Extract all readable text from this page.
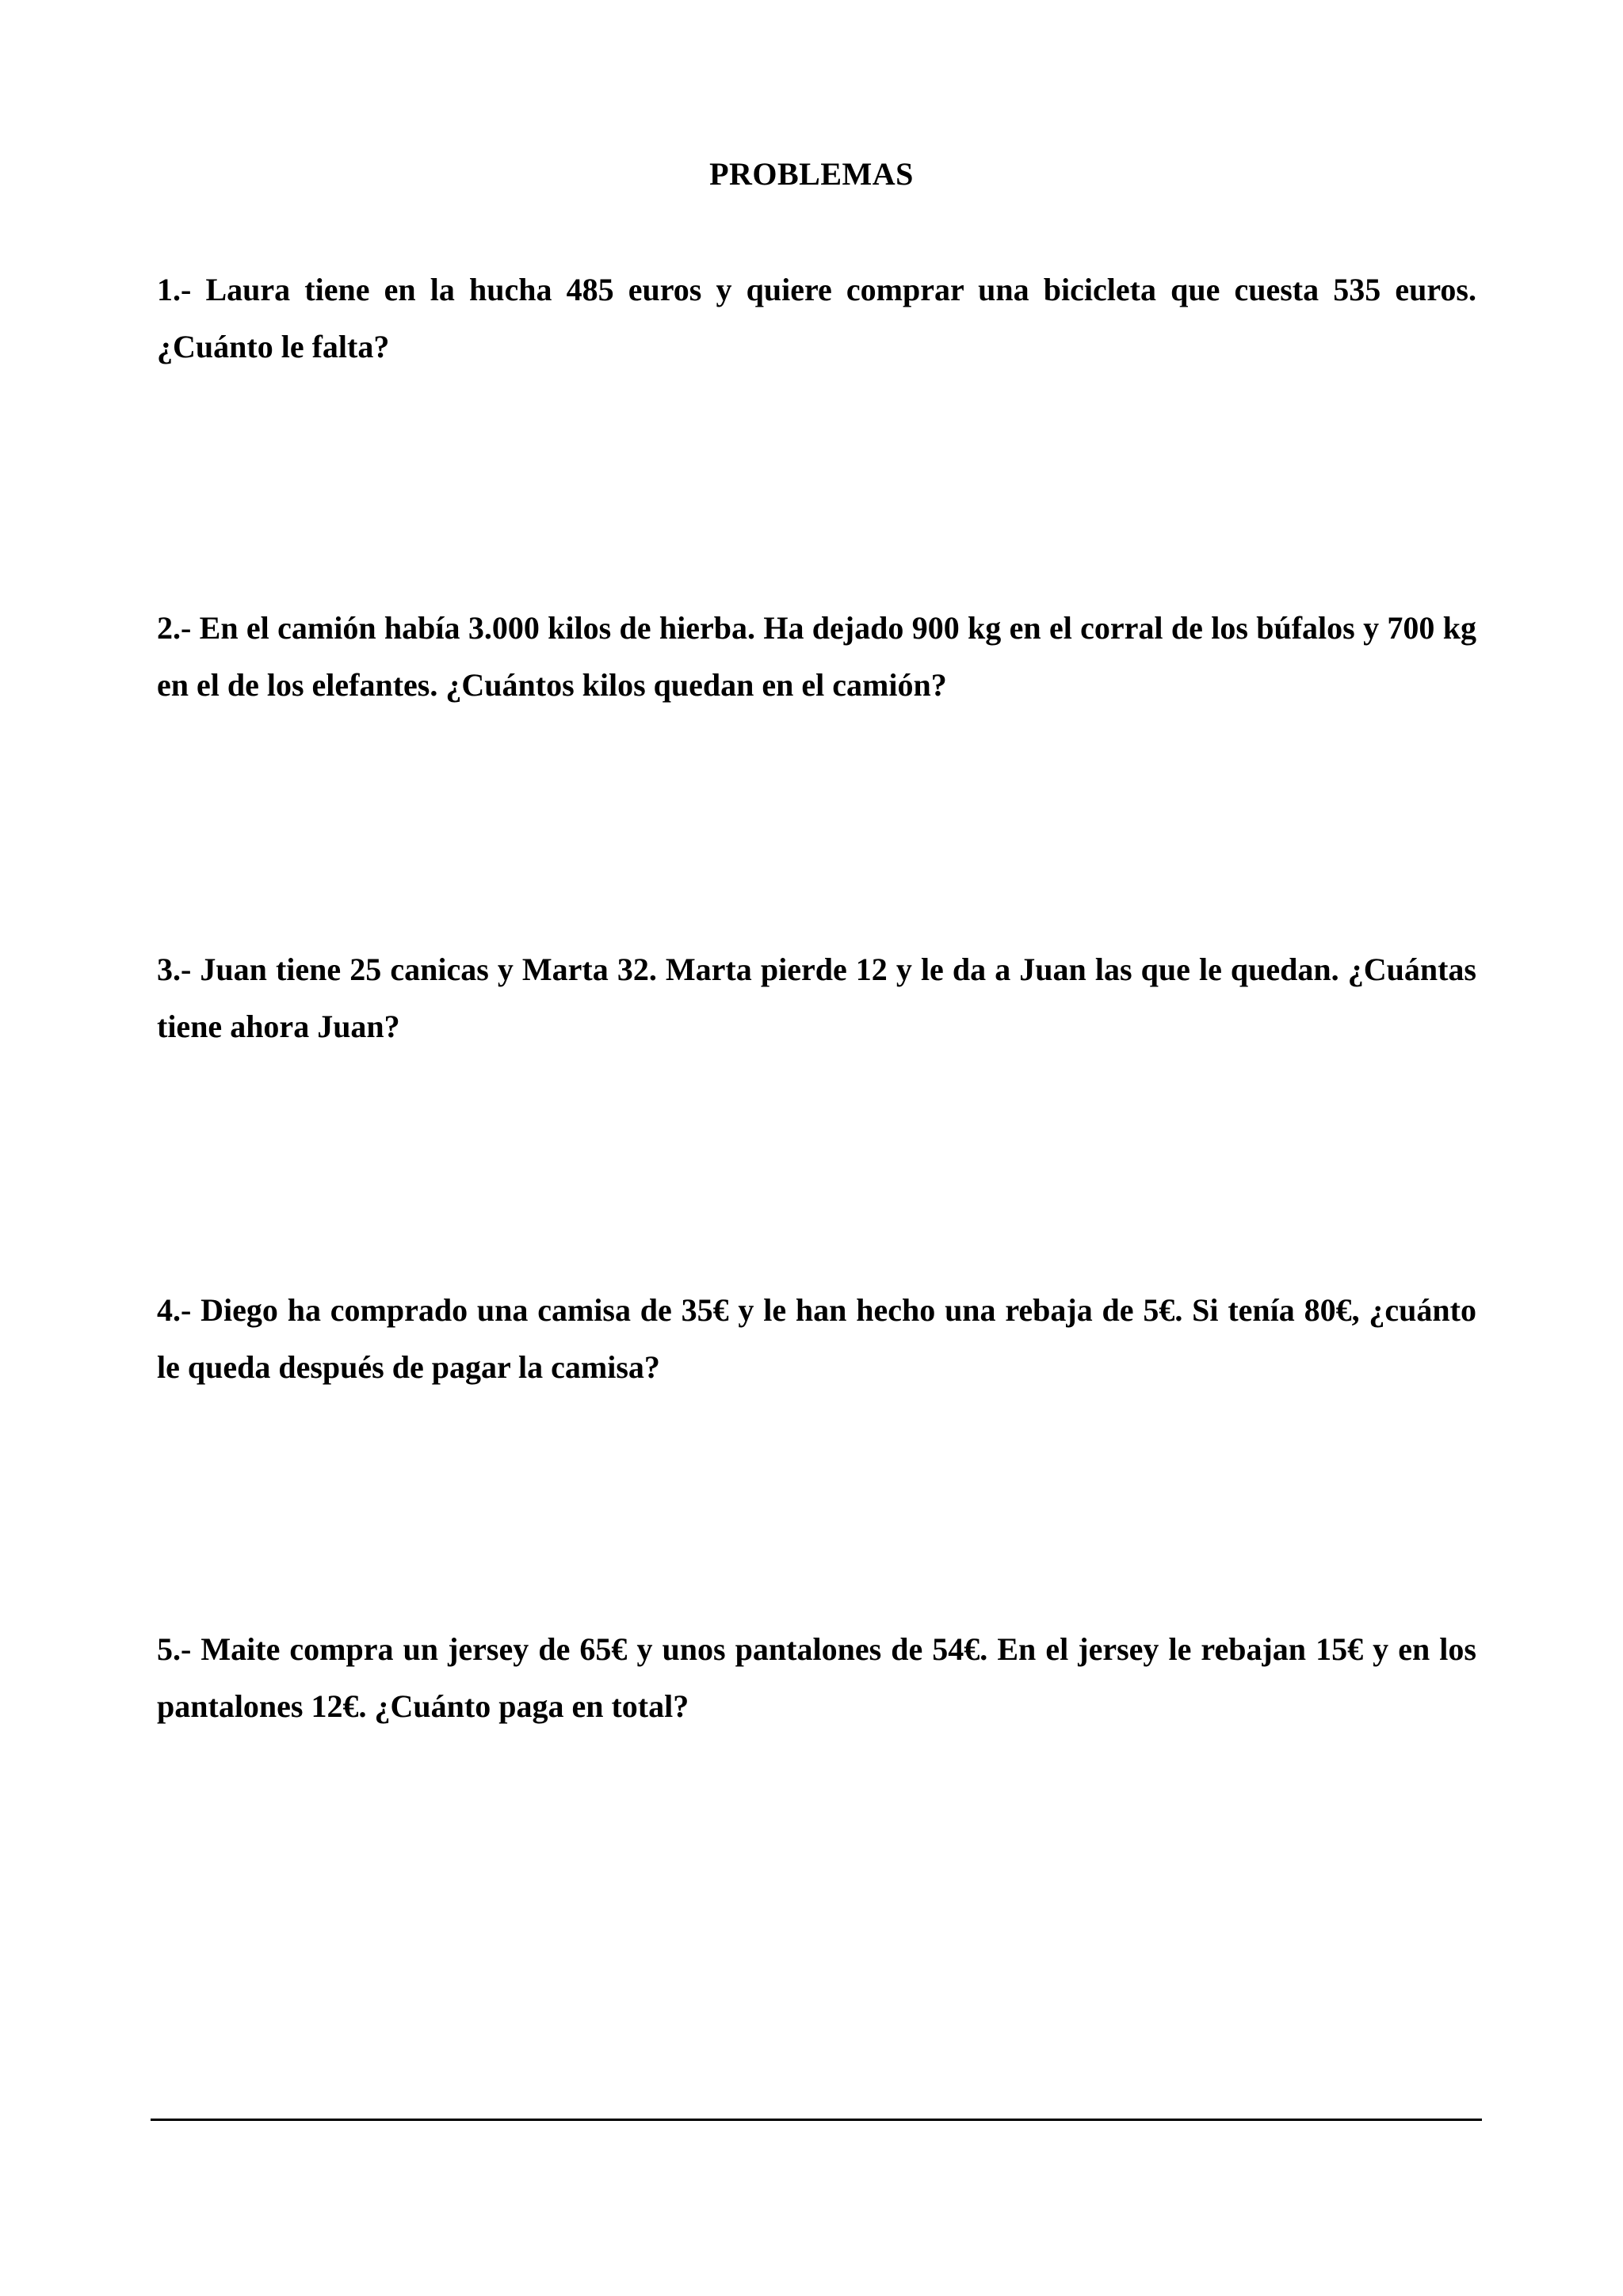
PROBLEMAS
1.- Laura tiene en la hucha 485 euros y quiere comprar una bicicleta que cuesta 535 euros. ¿Cuánto le falta?
2.- En el camión había 3.000 kilos de hierba. Ha dejado 900 kg en el corral de los búfalos y 700 kg en el de los elefantes. ¿Cuántos kilos quedan en el camión?
3.- Juan tiene 25 canicas y Marta 32. Marta pierde 12 y le da a Juan las que le quedan. ¿Cuántas tiene ahora Juan?
4.- Diego ha comprado una camisa de 35€ y le han hecho una rebaja de 5€. Si tenía 80€, ¿cuánto le queda después de pagar la camisa?
5.- Maite compra un jersey de 65€ y unos pantalones de 54€. En el jersey le rebajan 15€ y en los pantalones 12€. ¿Cuánto paga en total?
